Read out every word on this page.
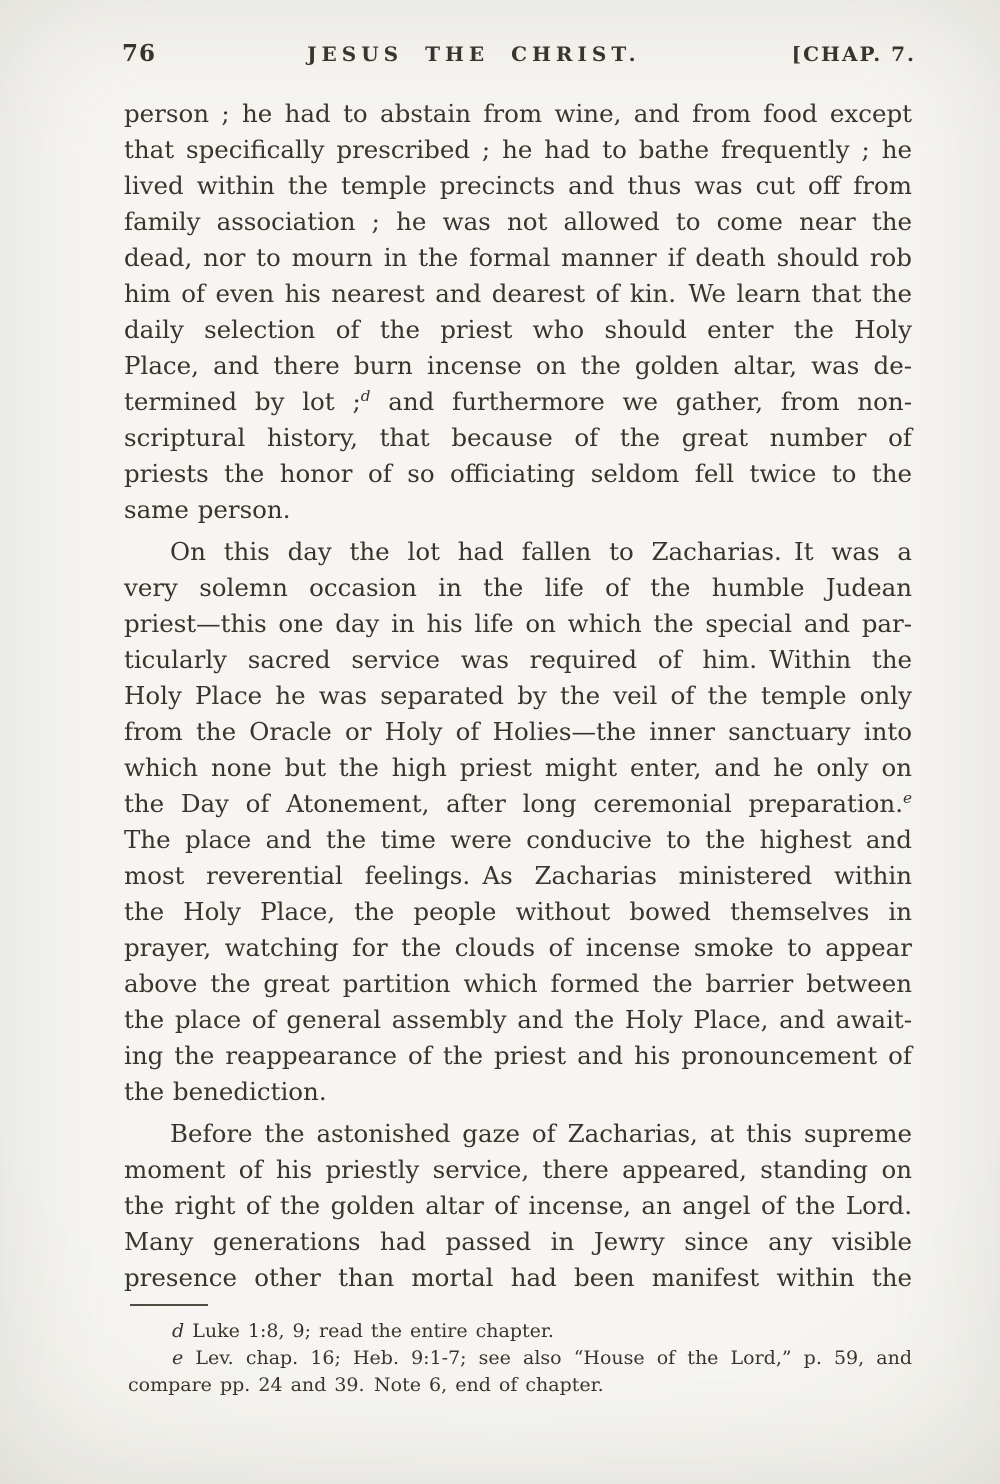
76	JESUS THE CHRIST.	[CHAP. 7.
person ; he had to abstain from wine, and from food except
that specifically prescribed ; he had to bathe frequently ; he
lived within the temple precincts and thus was cut off from
family association ; he was not allowed to come near the
dead, nor to mourn in the formal manner if death should rob
him of even his nearest and dearest of kin. We learn that the
daily selection of the priest who should enter the Holy
Place, and there burn incense on the golden altar, was de-
termined by lot ;$^d$ and furthermore we gather, from non-
scriptural history, that because of the great number of
priests the honor of so officiating seldom fell twice to the
same person.
On this day the lot had fallen to Zacharias. It was a
very solemn occasion in the life of the humble Judean
priest—this one day in his life on which the special and par-
ticularly sacred service was required of him. Within the
Holy Place he was separated by the veil of the temple only
from the Oracle or Holy of Holies—the inner sanctuary into
which none but the high priest might enter, and he only on
the Day of Atonement, after long ceremonial preparation.$^e$
The place and the time were conducive to the highest and
most reverential feelings. As Zacharias ministered within
the Holy Place, the people without bowed themselves in
prayer, watching for the clouds of incense smoke to appear
above the great partition which formed the barrier between
the place of general assembly and the Holy Place, and await-
ing the reappearance of the priest and his pronouncement of
the benediction.
Before the astonished gaze of Zacharias, at this supreme
moment of his priestly service, there appeared, standing on
the right of the golden altar of incense, an angel of the Lord.
Many generations had passed in Jewry since any visible
presence other than mortal had been manifest within the
d Luke 1:8, 9; read the entire chapter.
e Lev. chap. 16; Heb. 9:1-7; see also “House of the Lord,” p. 59, and
compare pp. 24 and 39. Note 6, end of chapter.
